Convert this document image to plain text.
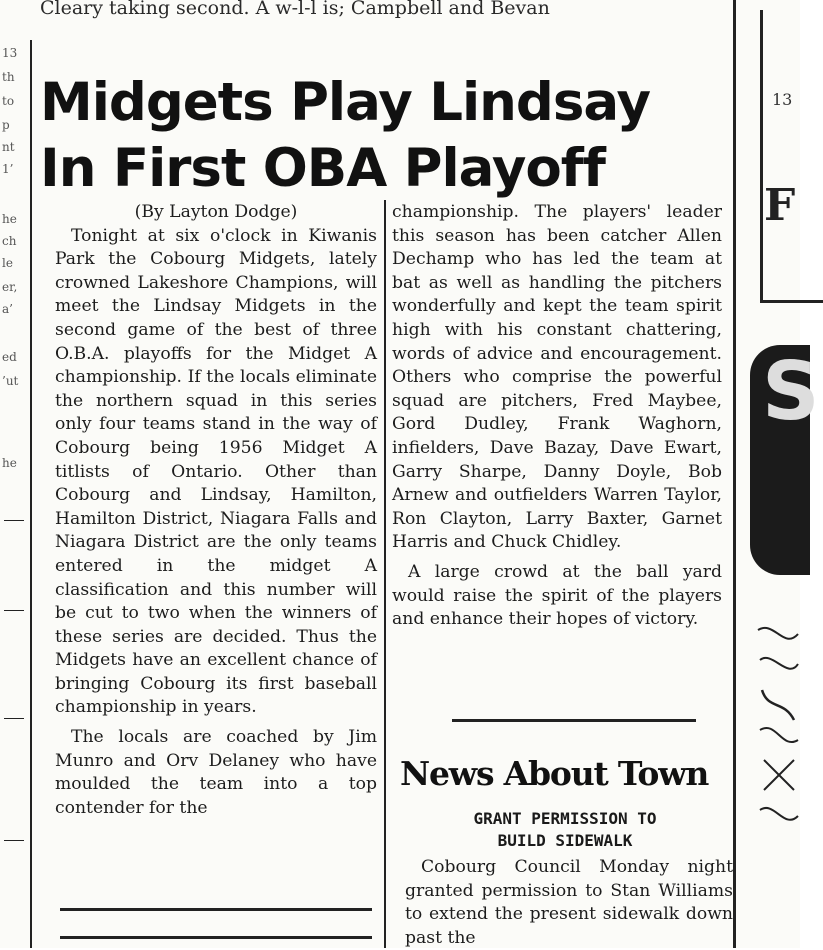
Cleary taking second. A w‑l‑l is; Campbell and Bevan
13
th
to
p
nt
1’
he
ch
le
er,
a’
ed
’ut
he
Midgets Play Lindsay
In First OBA Playoff
(By Layton Dodge)

Tonight at six o'clock in Kiwanis Park the Cobourg Midgets, lately crowned Lakeshore Champions, will meet the Lindsay Midgets in the second game of the best of three O.B.A. playoffs for the Midget A championship. If the locals eliminate the northern squad in this series only four teams stand in the way of Cobourg being 1956 Midget A titlists of Ontario. Other than Cobourg and Lindsay, Hamilton, Hamilton District, Niagara Falls and Niagara District are the only teams entered in the midget A classification and this number will be cut to two when the winners of these series are decided. Thus the Midgets have an excellent chance of bringing Cobourg its first baseball championship in years.

The locals are coached by Jim Munro and Orv Delaney who have moulded the team into a top contender for the

championship. The players' leader this season has been catcher Allen Dechamp who has led the team at bat as well as handling the pitchers wonderfully and kept the team spirit high with his constant chattering, words of advice and encouragement. Others who comprise the powerful squad are pitchers, Fred Maybee, Gord Dudley, Frank Waghorn, infielders, Dave Bazay, Dave Ewart, Garry Sharpe, Danny Doyle, Bob Arnew and outfielders Warren Taylor, Ron Clayton, Larry Baxter, Garnet Harris and Chuck Chidley.

A large crowd at the ball yard would raise the spirit of the players and enhance their hopes of victory.

News About Town
GRANT PERMISSION TO
BUILD SIDEWALK

Cobourg Council Monday night granted permission to Stan Williams to extend the present sidewalk down past the

13
F
S
